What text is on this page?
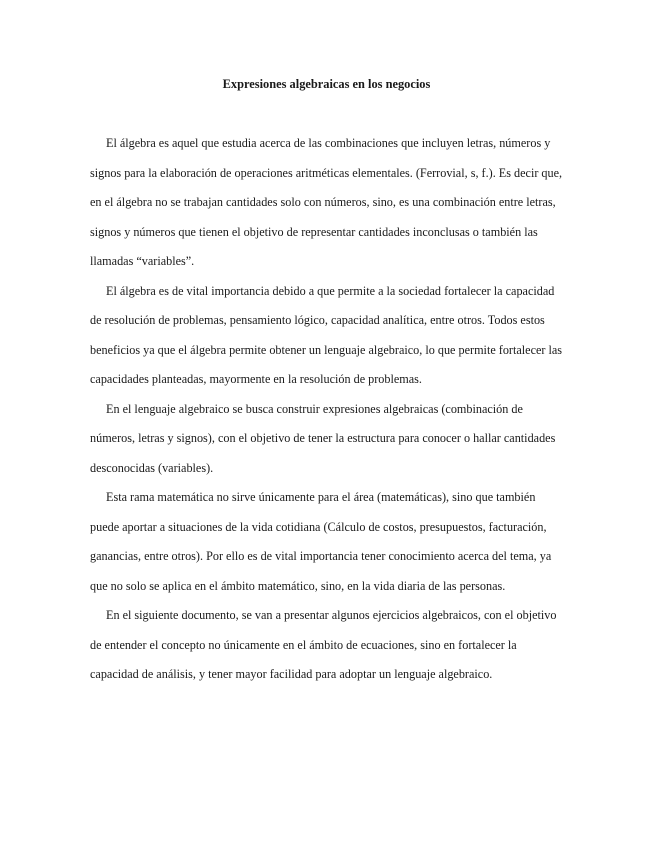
Expresiones algebraicas en los negocios

El álgebra es aquel que estudia acerca de las combinaciones que incluyen letras, números y signos para la elaboración de operaciones aritméticas elementales. (Ferrovial, s, f.). Es decir que, en el álgebra no se trabajan cantidades solo con números, sino, es una combinación entre letras, signos y números que tienen el objetivo de representar cantidades inconclusas o también las llamadas “variables”.

El álgebra es de vital importancia debido a que permite a la sociedad fortalecer la capacidad de resolución de problemas, pensamiento lógico, capacidad analítica, entre otros. Todos estos beneficios ya que el álgebra permite obtener un lenguaje algebraico, lo que permite fortalecer las capacidades planteadas, mayormente en la resolución de problemas.

En el lenguaje algebraico se busca construir expresiones algebraicas (combinación de números, letras y signos), con el objetivo de tener la estructura para conocer o hallar cantidades desconocidas (variables).

Esta rama matemática no sirve únicamente para el área (matemáticas), sino que también puede aportar a situaciones de la vida cotidiana (Cálculo de costos, presupuestos, facturación, ganancias, entre otros). Por ello es de vital importancia tener conocimiento acerca del tema, ya que no solo se aplica en el ámbito matemático, sino, en la vida diaria de las personas.

En el siguiente documento, se van a presentar algunos ejercicios algebraicos, con el objetivo de entender el concepto no únicamente en el ámbito de ecuaciones, sino en fortalecer la capacidad de análisis, y tener mayor facilidad para adoptar un lenguaje algebraico.
